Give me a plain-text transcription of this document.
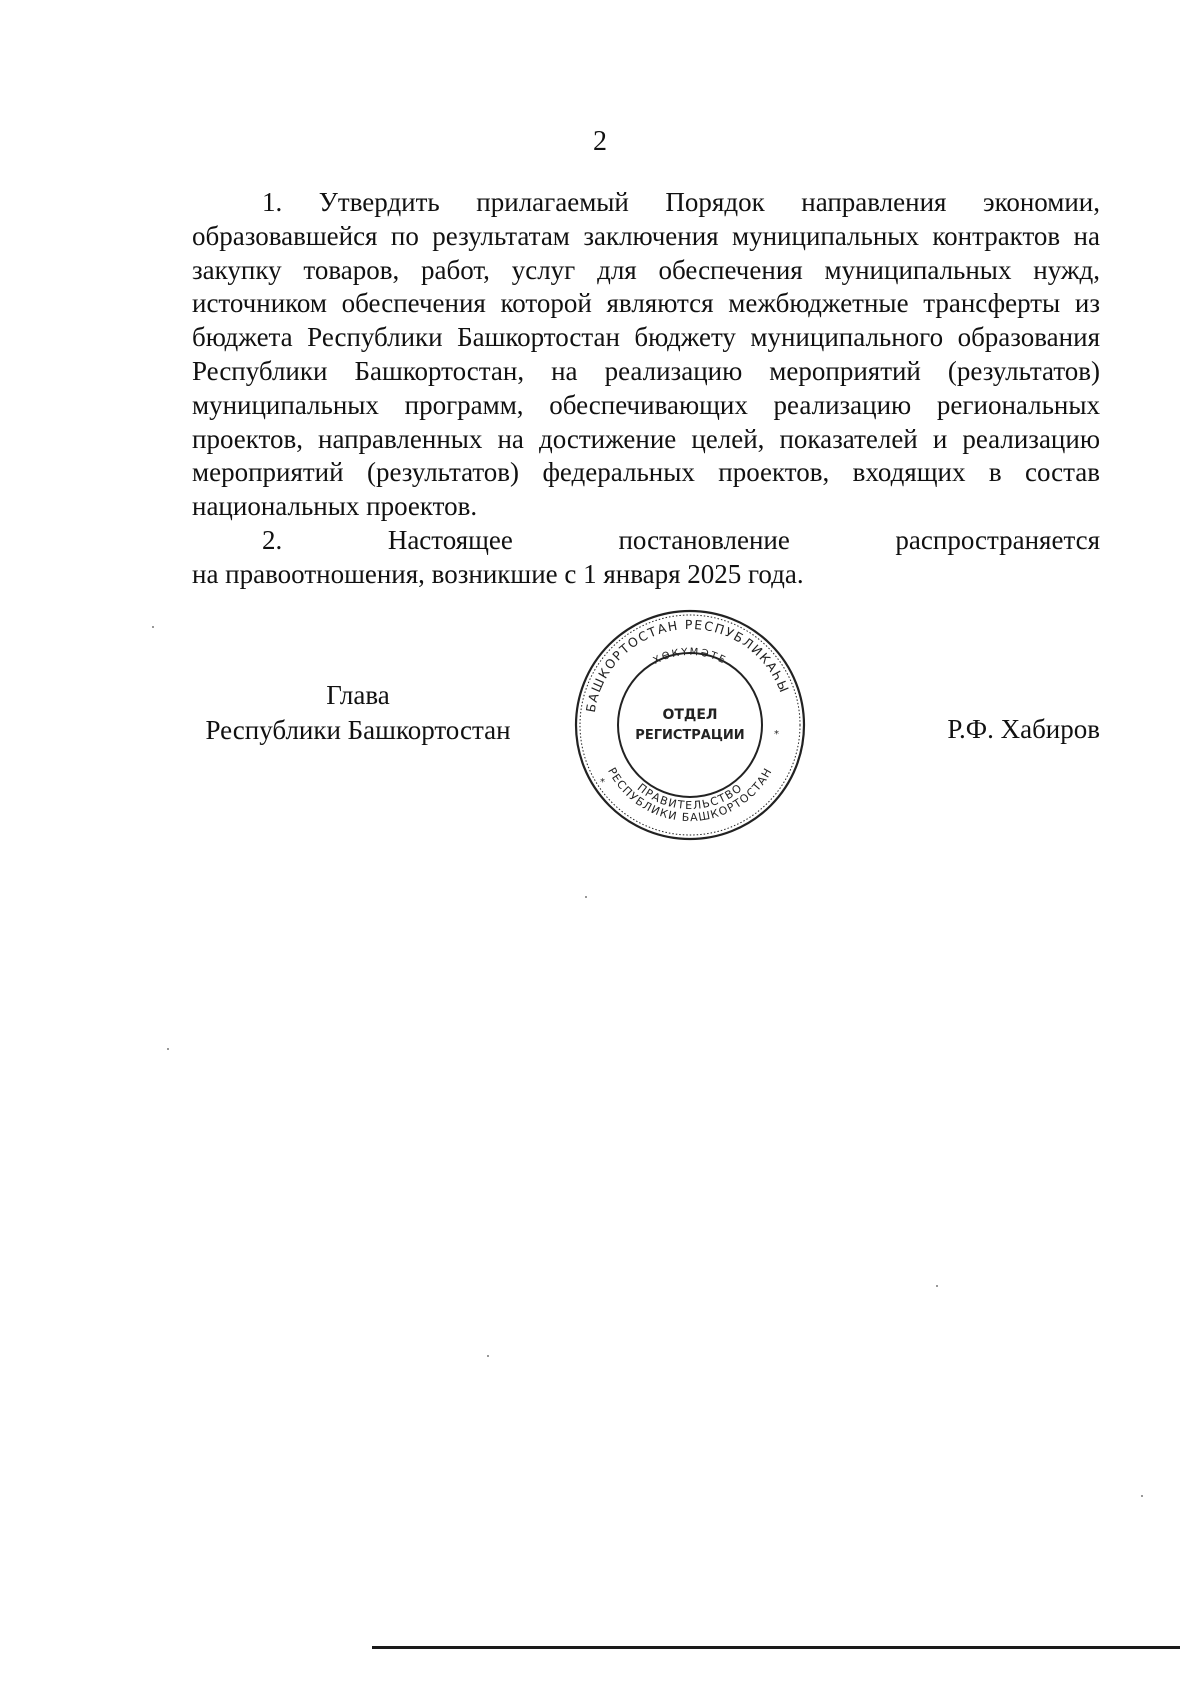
2

1. Утвердить прилагаемый Порядок направления экономии, образовавшейся по результатам заключения муниципальных контрактов на закупку товаров, работ, услуг для обеспечения муниципальных нужд, источником обеспечения которой являются межбюджетные трансферты из бюджета Республики Башкортостан бюджету муниципального образования Республики Башкортостан, на реализацию мероприятий (результатов) муниципальных программ, обеспечивающих реализацию региональных проектов, направленных на достижение целей, показателей и реализацию мероприятий (результатов) федеральных проектов, входящих в состав национальных проектов.

2. Настоящее постановление распространяется
на правоотношения, возникшие с 1 января 2025 года.

Глава
Республики Башкортостан	Р.Ф. Хабиров
БАШКОРТОСТАН РЕСПУБЛИКАҺЫ
ХӨКҮМӘТЕ
ПРАВИТЕЛЬСТВО
РЕСПУБЛИКИ БАШКОРТОСТАН
*
*
ОТДЕЛ
РЕГИСТРАЦИИ
